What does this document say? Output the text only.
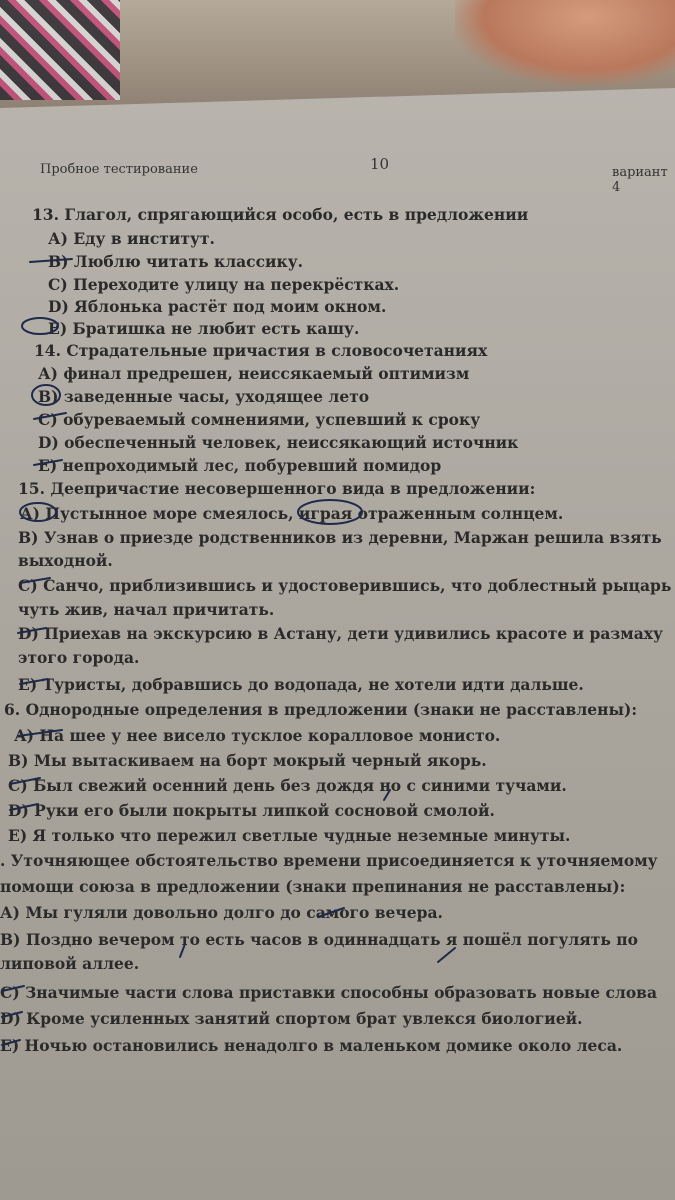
Пробное тестирование	10	вариант 4
13. Глагол, спрягающийся особо, есть в предложении
А) Еду в институт.
В) Люблю читать классику.
С) Переходите улицу на перекрёстках.
D) Яблонька растёт под моим окном.
Е) Братишка не любит есть кашу.
14. Страдательные причастия в словосочетаниях
А) финал предрешен, неиссякаемый оптимизм
В) заведенные часы, уходящее лето
С) обуреваемый сомнениями, успевший к сроку
D) обеспеченный человек, неиссякающий источник
Е) непроходимый лес, побуревший помидор
15. Деепричастие несовершенного вида в предложении:
А) Пустынное море смеялось, играя отраженным солнцем.
В) Узнав о приезде родственников из деревни, Маржан решила взять
выходной.
С) Санчо, приблизившись и удостоверившись, что доблестный рыцарь
чуть жив, начал причитать.
D) Приехав на экскурсию в Астану, дети удивились красоте и размаху
этого города.
Е) Туристы, добравшись до водопада, не хотели идти дальше.
6. Однородные определения в предложении (знаки не расставлены):
А) На шее у нее висело тусклое коралловое монисто.
В) Мы вытаскиваем на борт мокрый черный якорь.
С) Был свежий осенний день без дождя но с синими тучами.
D) Руки его были покрыты липкой сосновой смолой.
Е) Я только что пережил светлые чудные неземные минуты.
. Уточняющее обстоятельство времени присоединяется к уточняемому
помощи союза в предложении (знаки препинания не расставлены):
А) Мы гуляли довольно долго до самого вечера.
В) Поздно вечером то есть часов в одиннадцать я пошёл погулять по
липовой аллее.
С) Значимые части слова приставки способны образовать новые слова
D) Кроме усиленных занятий спортом брат увлекся биологией.
Е) Ночью остановились ненадолго в маленьком домике около леса.
